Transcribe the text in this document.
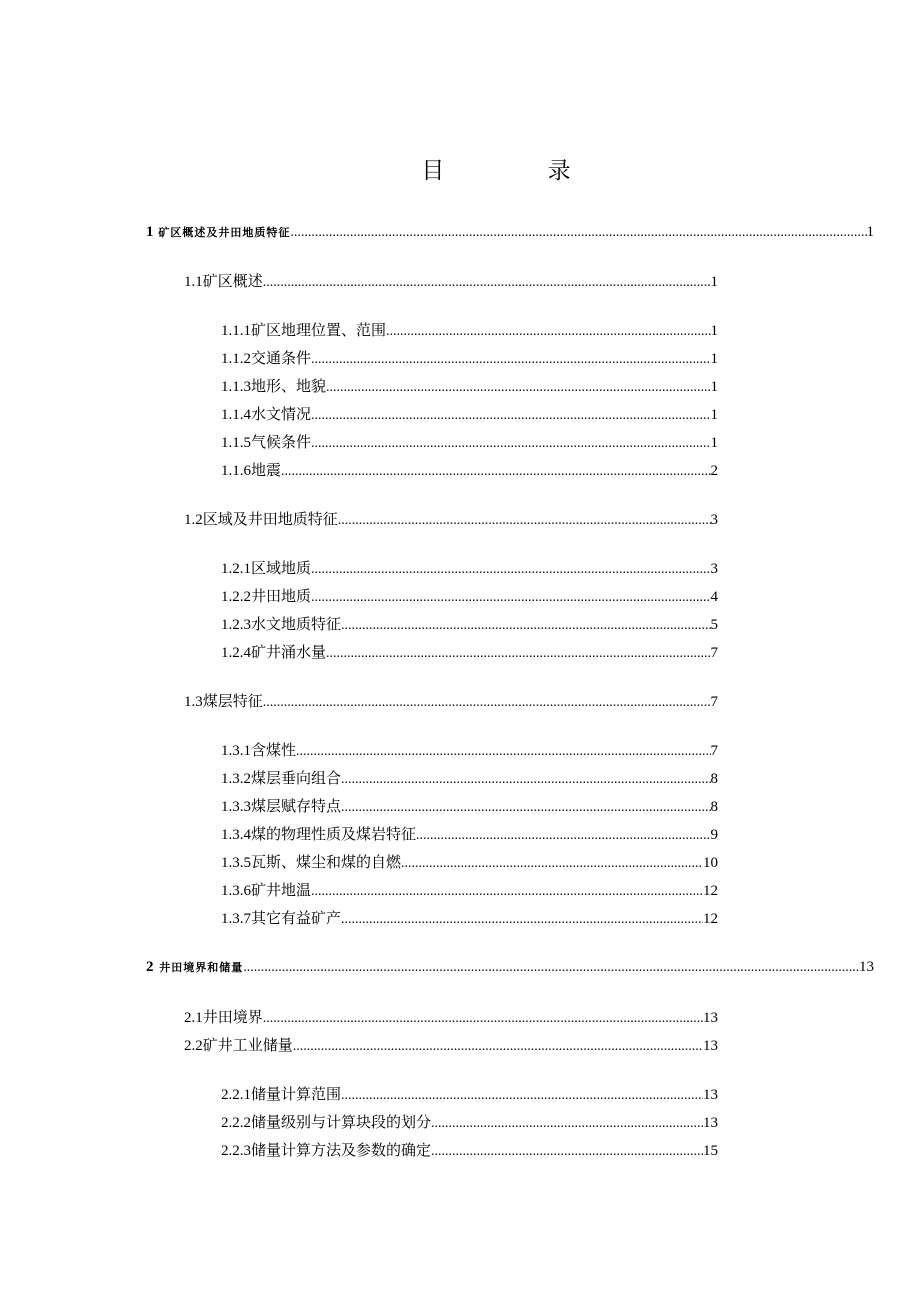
目 录
1 矿区概述及井田地质特征 .....	1
1.1 矿区概述 .....	1
1.1.1 矿区地理位置、范围 .....	1
1.1.2 交通条件 .....	1
1.1.3 地形、地貌 .....	1
1.1.4 水文情况 .....	1
1.1.5 气候条件 .....	1
1.1.6 地震 .....	2
1.2 区域及井田地质特征 .....	3
1.2.1 区域地质 .....	3
1.2.2 井田地质 .....	4
1.2.3 水文地质特征 .....	5
1.2.4 矿井涌水量 .....	7
1.3 煤层特征 .....	7
1.3.1 含煤性 .....	7
1.3.2 煤层垂向组合 .....	8
1.3.3 煤层赋存特点 .....	8
1.3.4 煤的物理性质及煤岩特征 .....	9
1.3.5 瓦斯、煤尘和煤的自燃 .....	10
1.3.6 矿井地温 .....	12
1.3.7 其它有益矿产 .....	12
2 井田境界和储量 .....	13
2.1 井田境界 .....	13
2.2 矿井工业储量 .....	13
2.2.1 储量计算范围 .....	13
2.2.2 储量级别与计算块段的划分 .....	13
2.2.3 储量计算方法及参数的确定 .....	15
